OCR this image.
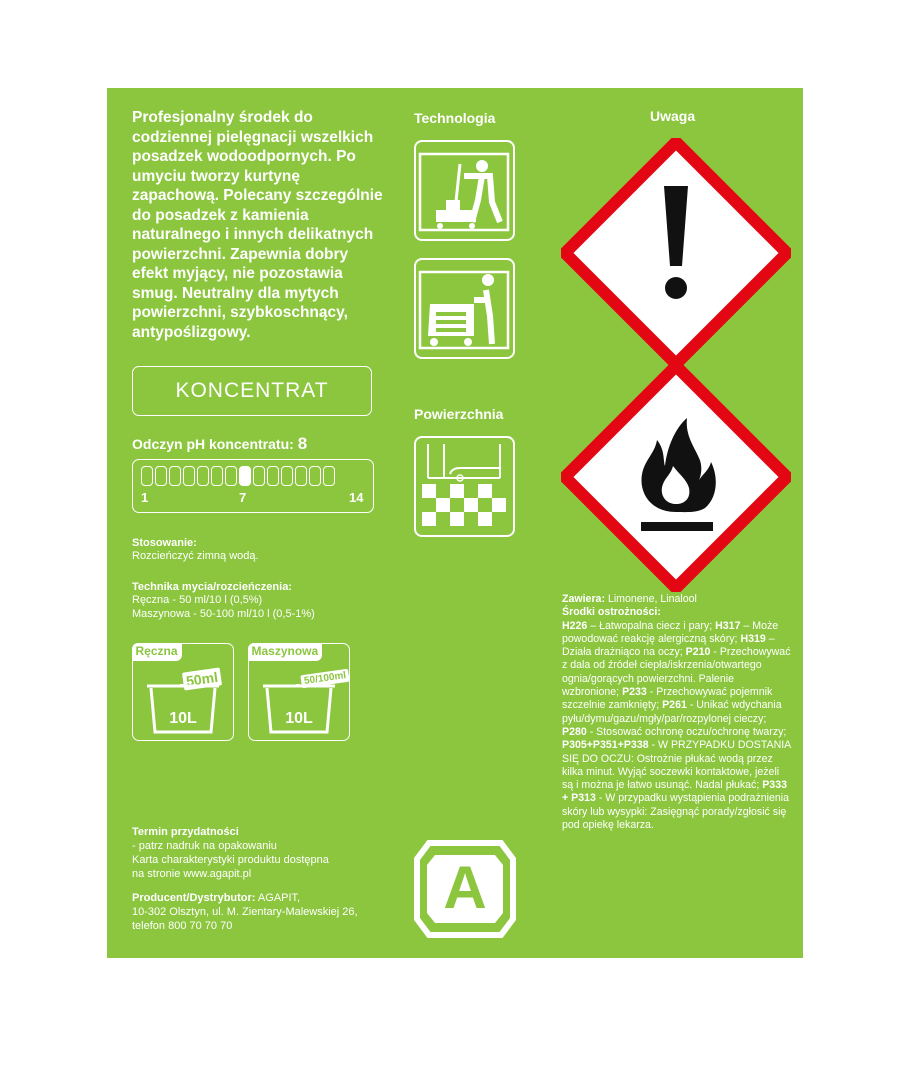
Profesjonalny środek do codziennej pielęgnacji wszelkich posadzek wodoodpornych. Po umyciu tworzy kurtynę zapachową. Polecany szczególnie do posadzek z kamienia naturalnego i innych delikatnych powierzchni. Zapewnia dobry efekt myjący, nie pozostawia smug. Neutralny dla mytych powierzchni, szybkoschnący, antypoślizgowy.
KONCENTRAT
Odczyn pH koncentratu: 8
1	7	14
Stosowanie:
Rozcieńczyć zimną wodą.
Technika mycia/rozcieńczenia:
Ręczna - 50 ml/10 l (0,5%)
Maszynowa - 50-100 ml/10 l (0,5-1%)
Ręczna
50ml
10L
Maszynowa
50/100ml
10L
Termin przydatności
- patrz nadruk na opakowaniu
Karta charakterystyki produktu dostępna
na stronie www.agapit.pl
Producent/Dystrybutor: AGAPIT,
10-302 Olsztyn, ul. M. Zientary-Malewskiej 26,
telefon 800 70 70 70
Technologia
Powierzchnia
Uwaga
Zawiera: Limonene, Linalool
Środki ostrożności:
H226 – Łatwopalna ciecz i pary; H317 – Może powodować reakcję alergiczną skóry; H319 – Działa drażniąco na oczy; P210 - Przechowywać z dala od źródeł ciepła/iskrzenia/otwartego ognia/gorących powierzchni. Palenie wzbronione; P233 - Przechowywać pojemnik szczelnie zamknięty; P261 - Unikać wdychania pyłu/dymu/gazu/mgły/par/rozpylonej cieczy; P280 - Stosować ochronę oczu/ochronę twarzy; P305+P351+P338 - W PRZYPADKU DOSTANIA SIĘ DO OCZU: Ostrożnie płukać wodą przez kilka minut. Wyjąć soczewki kontaktowe, jeżeli są i można je łatwo usunąć. Nadal płukać; P333 + P313 - W przypadku wystąpienia podrażnienia skóry lub wysypki: Zasięgnąć porady/zgłosić się pod opiekę lekarza.
A
